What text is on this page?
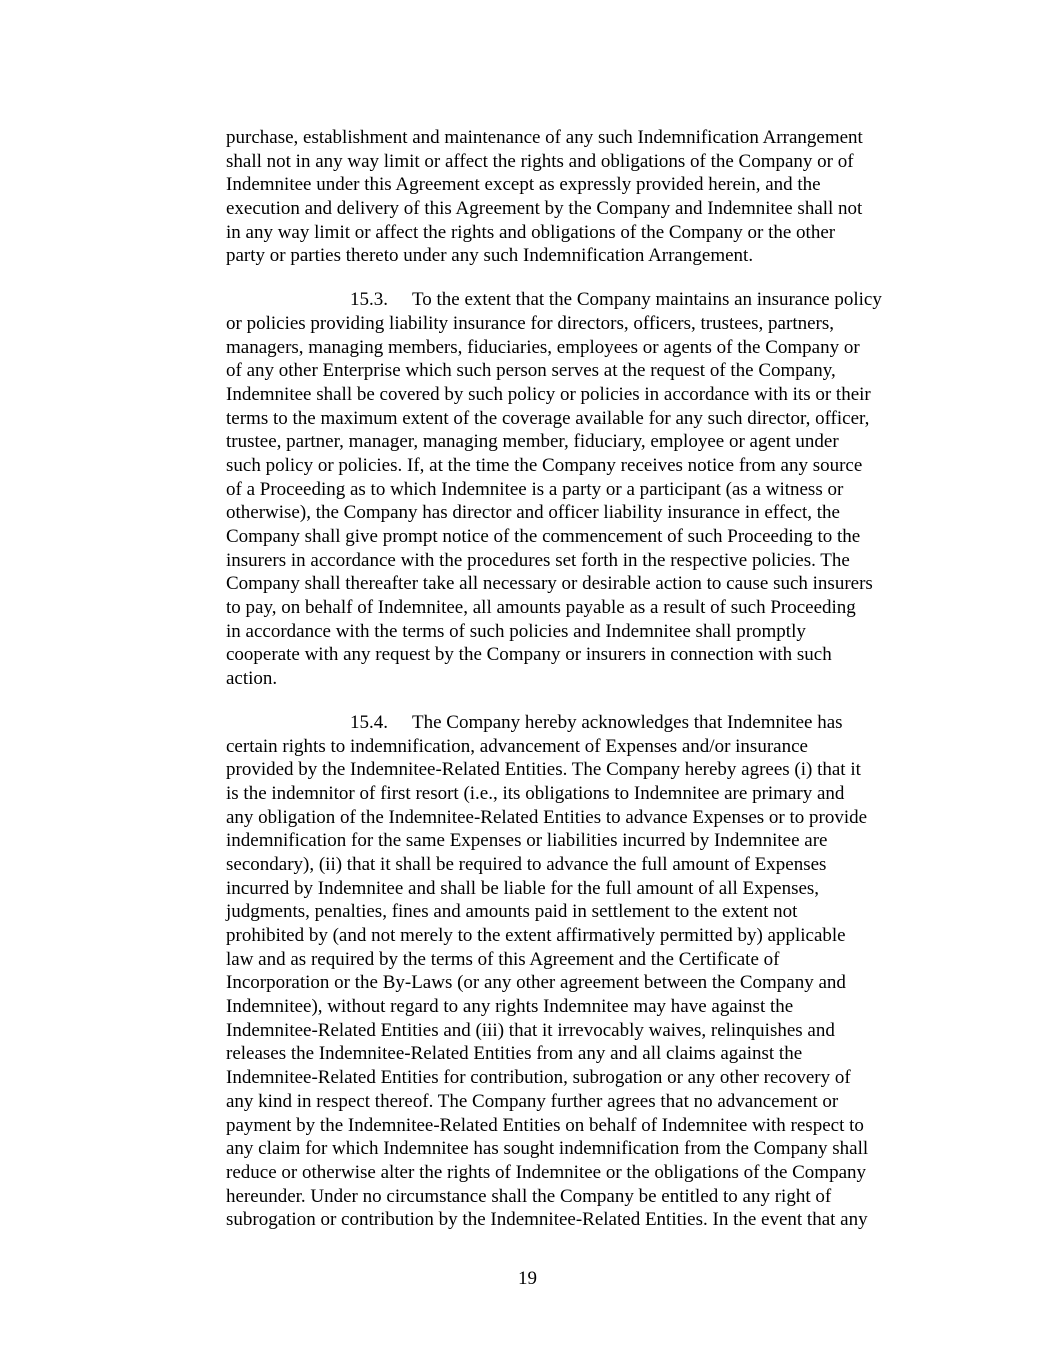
purchase, establishment and maintenance of any such Indemnification Arrangement
shall not in any way limit or affect the rights and obligations of the Company or of
Indemnitee under this Agreement except as expressly provided herein, and the
execution and delivery of this Agreement by the Company and Indemnitee shall not
in any way limit or affect the rights and obligations of the Company or the other
party or parties thereto under any such Indemnification Arrangement.
15.3. To the extent that the Company maintains an insurance policy
or policies providing liability insurance for directors, officers, trustees, partners,
managers, managing members, fiduciaries, employees or agents of the Company or
of any other Enterprise which such person serves at the request of the Company,
Indemnitee shall be covered by such policy or policies in accordance with its or their
terms to the maximum extent of the coverage available for any such director, officer,
trustee, partner, manager, managing member, fiduciary, employee or agent under
such policy or policies. If, at the time the Company receives notice from any source
of a Proceeding as to which Indemnitee is a party or a participant (as a witness or
otherwise), the Company has director and officer liability insurance in effect, the
Company shall give prompt notice of the commencement of such Proceeding to the
insurers in accordance with the procedures set forth in the respective policies. The
Company shall thereafter take all necessary or desirable action to cause such insurers
to pay, on behalf of Indemnitee, all amounts payable as a result of such Proceeding
in accordance with the terms of such policies and Indemnitee shall promptly
cooperate with any request by the Company or insurers in connection with such
action.
15.4. The Company hereby acknowledges that Indemnitee has
certain rights to indemnification, advancement of Expenses and/or insurance
provided by the Indemnitee-Related Entities. The Company hereby agrees (i) that it
is the indemnitor of first resort (i.e., its obligations to Indemnitee are primary and
any obligation of the Indemnitee-Related Entities to advance Expenses or to provide
indemnification for the same Expenses or liabilities incurred by Indemnitee are
secondary), (ii) that it shall be required to advance the full amount of Expenses
incurred by Indemnitee and shall be liable for the full amount of all Expenses,
judgments, penalties, fines and amounts paid in settlement to the extent not
prohibited by (and not merely to the extent affirmatively permitted by) applicable
law and as required by the terms of this Agreement and the Certificate of
Incorporation or the By-Laws (or any other agreement between the Company and
Indemnitee), without regard to any rights Indemnitee may have against the
Indemnitee-Related Entities and (iii) that it irrevocably waives, relinquishes and
releases the Indemnitee-Related Entities from any and all claims against the
Indemnitee-Related Entities for contribution, subrogation or any other recovery of
any kind in respect thereof. The Company further agrees that no advancement or
payment by the Indemnitee-Related Entities on behalf of Indemnitee with respect to
any claim for which Indemnitee has sought indemnification from the Company shall
reduce or otherwise alter the rights of Indemnitee or the obligations of the Company
hereunder. Under no circumstance shall the Company be entitled to any right of
subrogation or contribution by the Indemnitee-Related Entities. In the event that any
19
